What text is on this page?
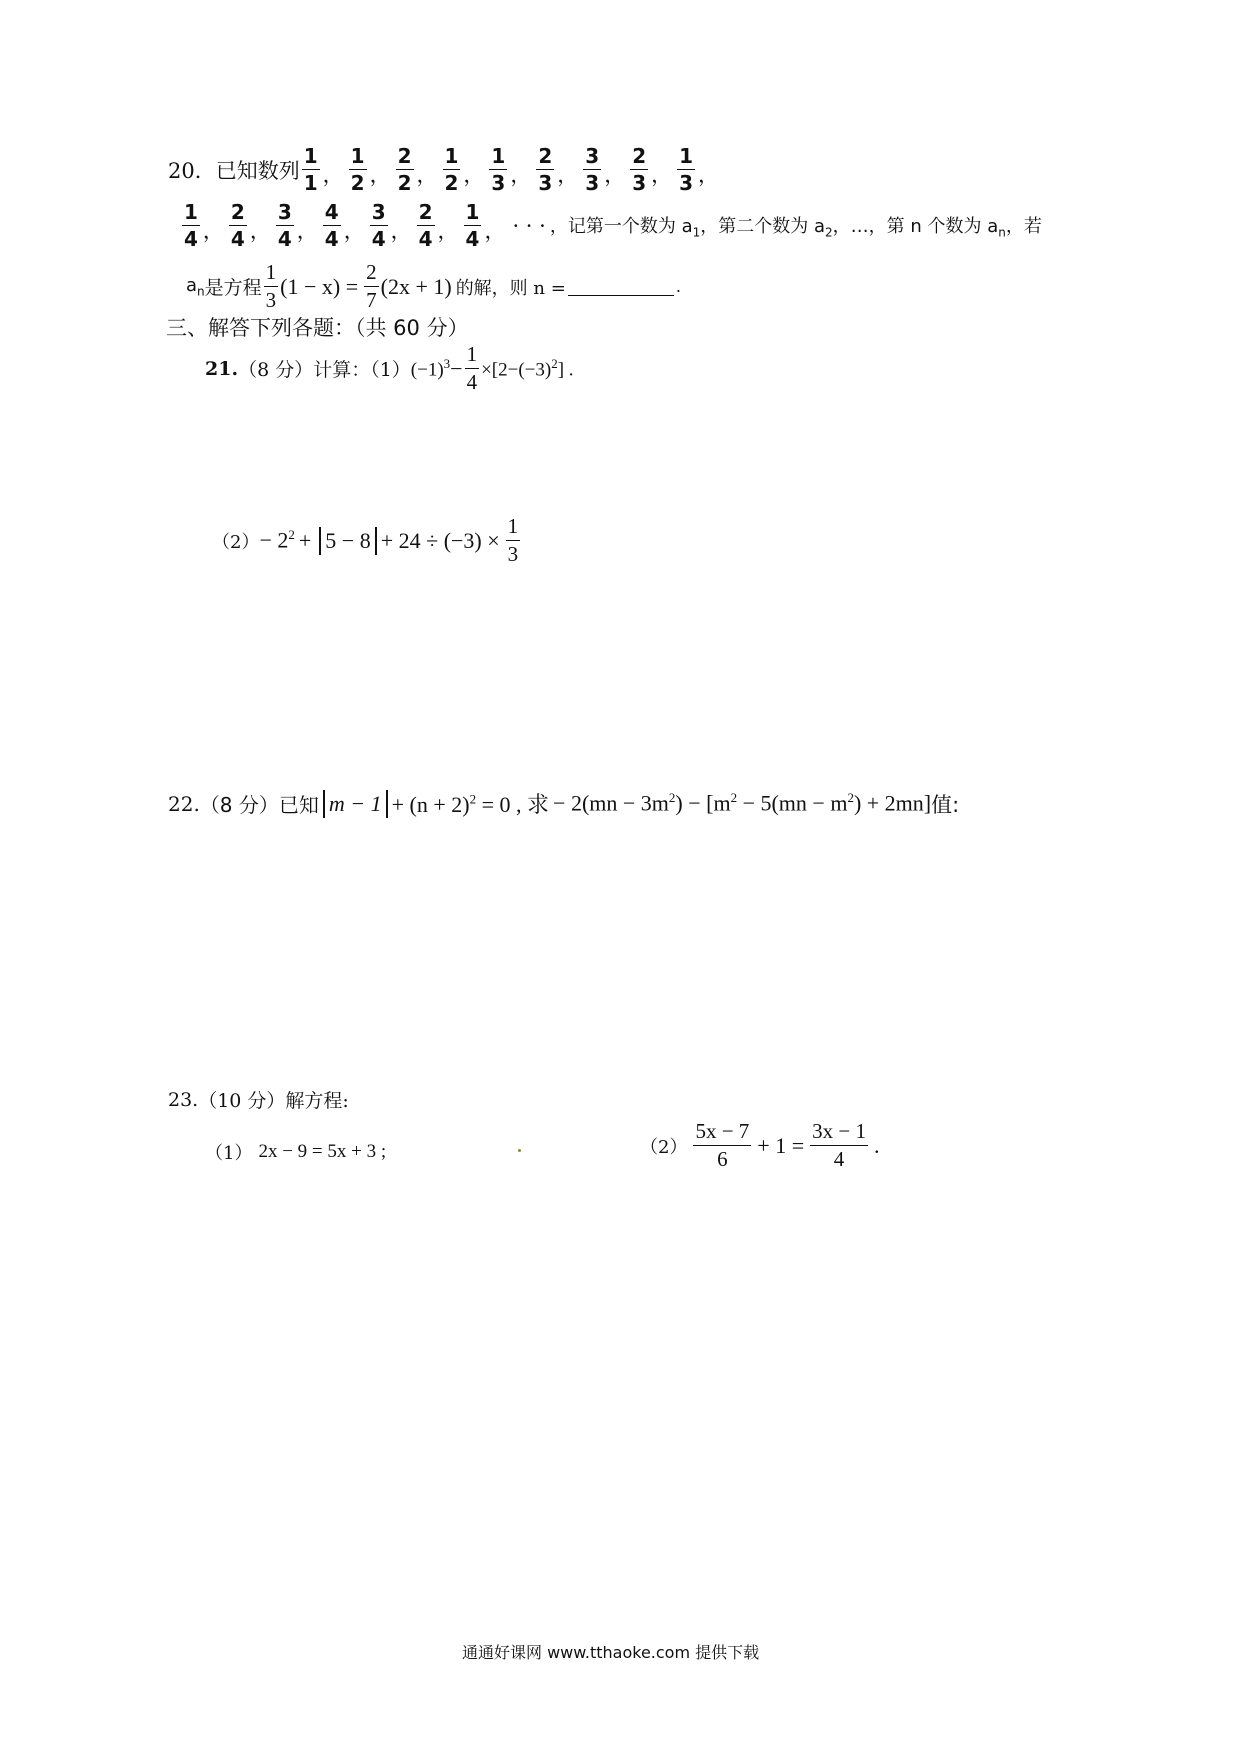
20． 已知数列 $\frac{1}{1}$ ， $\frac{1}{2}$ ， $\frac{2}{2}$ ， $\frac{1}{2}$ ， $\frac{1}{3}$ ， $\frac{2}{3}$ ， $\frac{3}{3}$ ， $\frac{2}{3}$ ， $\frac{1}{3}$ ，
$\frac{1}{4}$ ， $\frac{2}{4}$ ， $\frac{3}{4}$ ， $\frac{4}{4}$ ， $\frac{3}{4}$ ， $\frac{2}{4}$ ， $\frac{1}{4}$ ， · · · ，记第一个数为 $a_1$，第二个数为 $a_2$，…，第 n 个数为 $a_n$，若
$a_n$ 是方程 $\frac{1}{3} (1 - x) = \frac{2}{7} (2x + 1)$ 的解，则 n =	.
三、解答下列各题：（共 60 分）
21. （8 分）计算：（1） $(-1)^3 - \frac{1}{4} \times[2-(-3)^2]$ .
$(2) - 2^2 + 5 - 8 + 24 \div (-3) \times \frac{1}{3}$
22. （8 分）已知 $m - 1 + (n + 2)^2 = 0$ , 求 − $2(mn - 3m^2) - [m^2 - 5(mn - m^2) + 2mn]$ 值:
23. （10 分）解方程:
（1） 2x − 9 = 5x + 3 ;	$(2) \frac{5x - 7}{6} + 1 = \frac{3x - 1}{4}$ .
通通好课网 www.tthaoke.com 提供下载
